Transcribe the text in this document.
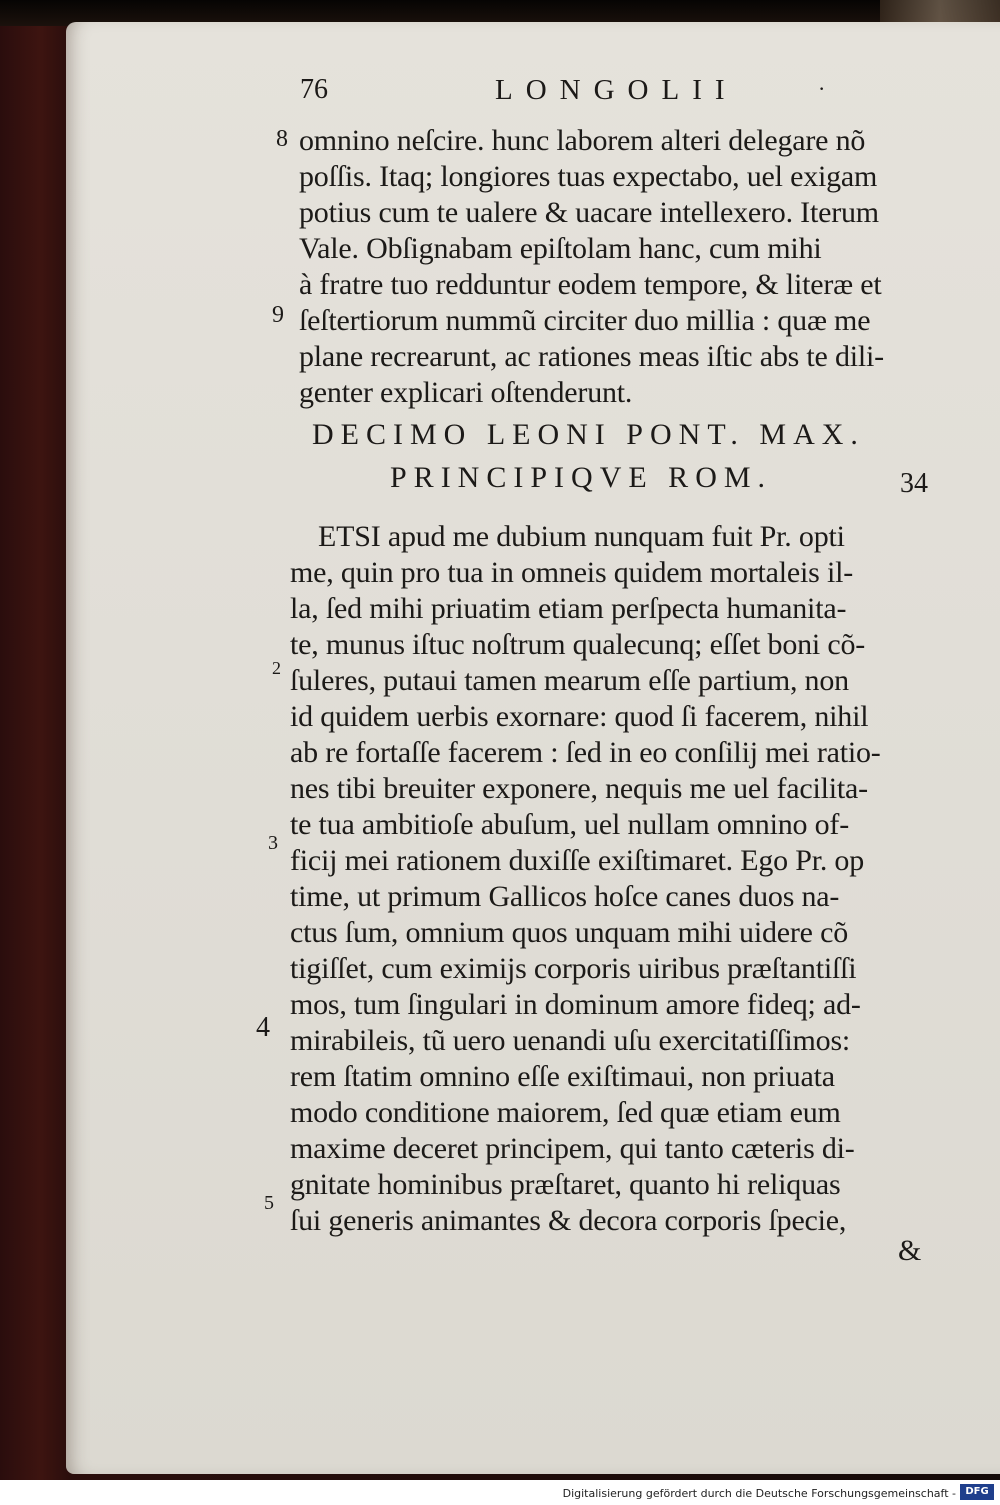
76	LONGOLII	·
8
9
2
3
4
5
omnino neſcire. hunc laborem alteri delegare nõ
poſſis. Itaq; longiores tuas expectabo, uel exigam
potius cum te ualere & uacare intellexero. Iterum
Vale. Obſignabam epiſtolam hanc, cum mihi
à fratre tuo redduntur eodem tempore, & literæ et
ſeſtertiorum nummũ circiter duo millia : quæ me
plane recrearunt, ac rationes meas iſtic abs te dili-
genter explicari oſtenderunt.
DECIMO LEONI PONT. MAX.
PRINCIPIQVE ROM.	34
ETSI apud me dubium nunquam fuit Pr. opti
me, quin pro tua in omneis quidem mortaleis il-
la, ſed mihi priuatim etiam perſpecta humanita-
te, munus iſtuc noſtrum qualecunq; eſſet boni cõ-
ſuleres, putaui tamen mearum eſſe partium, non
id quidem uerbis exornare: quod ſi facerem, nihil
ab re fortaſſe facerem : ſed in eo conſilij mei ratio-
nes tibi breuiter exponere, nequis me uel facilita-
te tua ambitioſe abuſum, uel nullam omnino of-
ficij mei rationem duxiſſe exiſtimaret. Ego Pr. op
time, ut primum Gallicos hoſce canes duos na-
ctus ſum, omnium quos unquam mihi uidere cõ
tigiſſet, cum eximijs corporis uiribus præſtantiſſi
mos, tum ſingulari in dominum amore fideq; ad-
mirabileis, tũ uero uenandi uſu exercitatiſſimos:
rem ſtatim omnino eſſe exiſtimaui, non priuata
modo conditione maiorem, ſed quæ etiam eum
maxime deceret principem, qui tanto cæteris di-
gnitate hominibus præſtaret, quanto hi reliquas
ſui generis animantes & decora corporis ſpecie,
&
Digitalisierung gefördert durch die Deutsche Forschungsgemeinschaft - DFG
